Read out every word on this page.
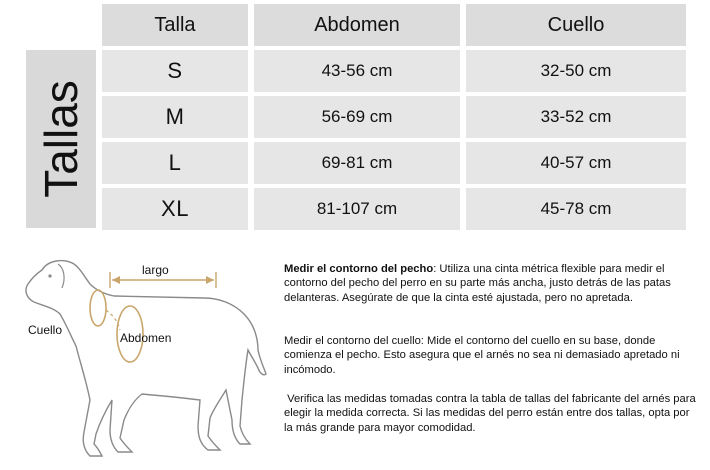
Tallas
Talla	Abdomen	Cuello
S	43-56 cm	32-50 cm
M	56-69 cm	33-52 cm
L	69-81 cm	40-57 cm
XL	81-107 cm	45-78 cm
largo
Cuello
Abdomen
Medir el contorno del pecho: Utiliza una cinta métrica flexible para medir el contorno del pecho del perro en su parte más ancha, justo detrás de las patas delanteras. Asegúrate de que la cinta esté ajustada, pero no apretada.
Medir el contorno del cuello: Mide el contorno del cuello en su base, donde comienza el pecho. Esto asegura que el arnés no sea ni demasiado apretado ni incómodo.
Verifica las medidas tomadas contra la tabla de tallas del fabricante del arnés para elegir la medida correcta. Si las medidas del perro están entre dos tallas, opta por la más grande para mayor comodidad.
